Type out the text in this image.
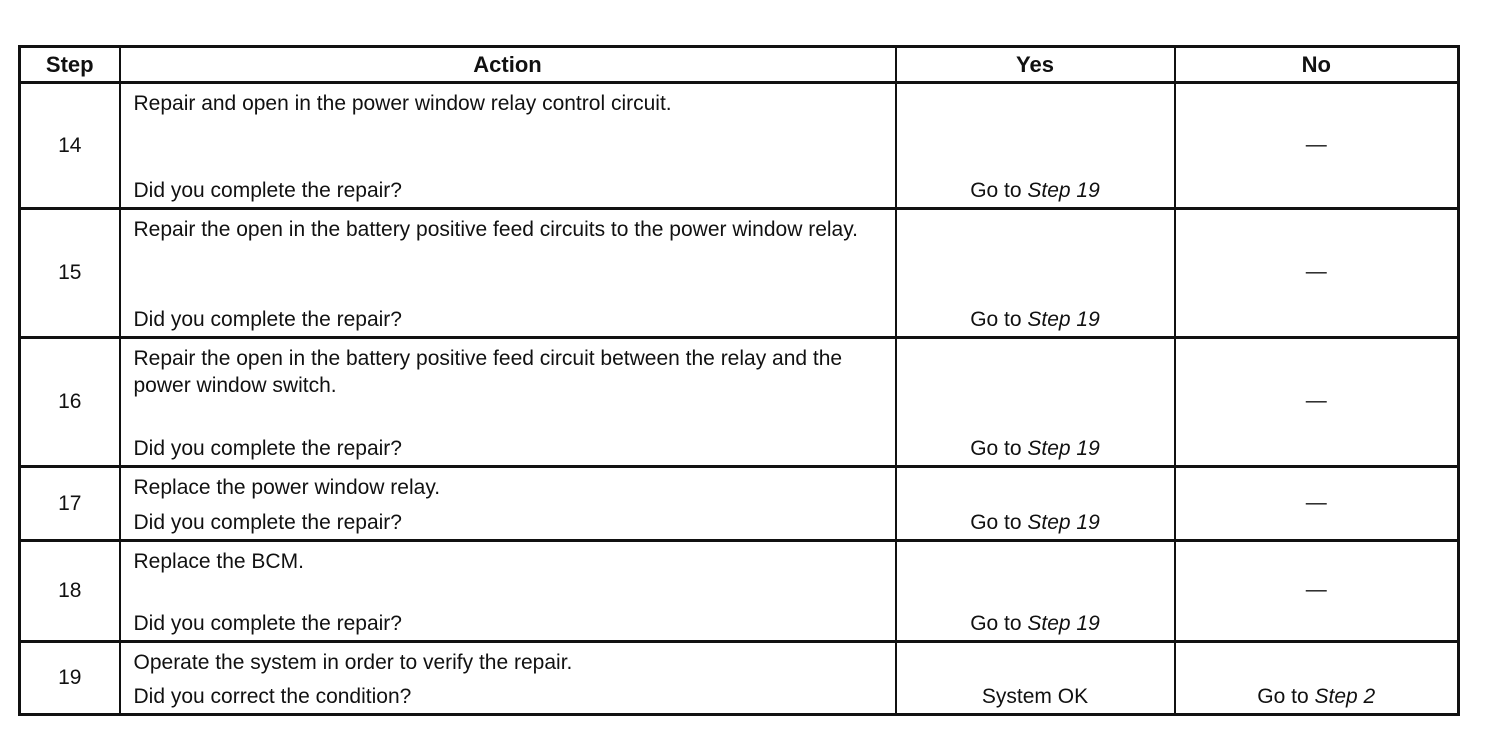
Step	Action	Yes	No
14	Repair and open in the power window relay control circuit.
Did you complete the repair?	Go to Step 19	—

15	Repair the open in the battery positive feed circuits to the power window relay.
Did you complete the repair?	Go to Step 19	—

16	Repair the open in the battery positive feed circuit between the relay and the power window switch.
Did you complete the repair?	Go to Step 19	—

17	Replace the power window relay.
Did you complete the repair?	Go to Step 19	—

18	Replace the BCM.
Did you complete the repair?	Go to Step 19	—

19	Operate the system in order to verify the repair.
Did you correct the condition?	System OK	Go to Step 2
